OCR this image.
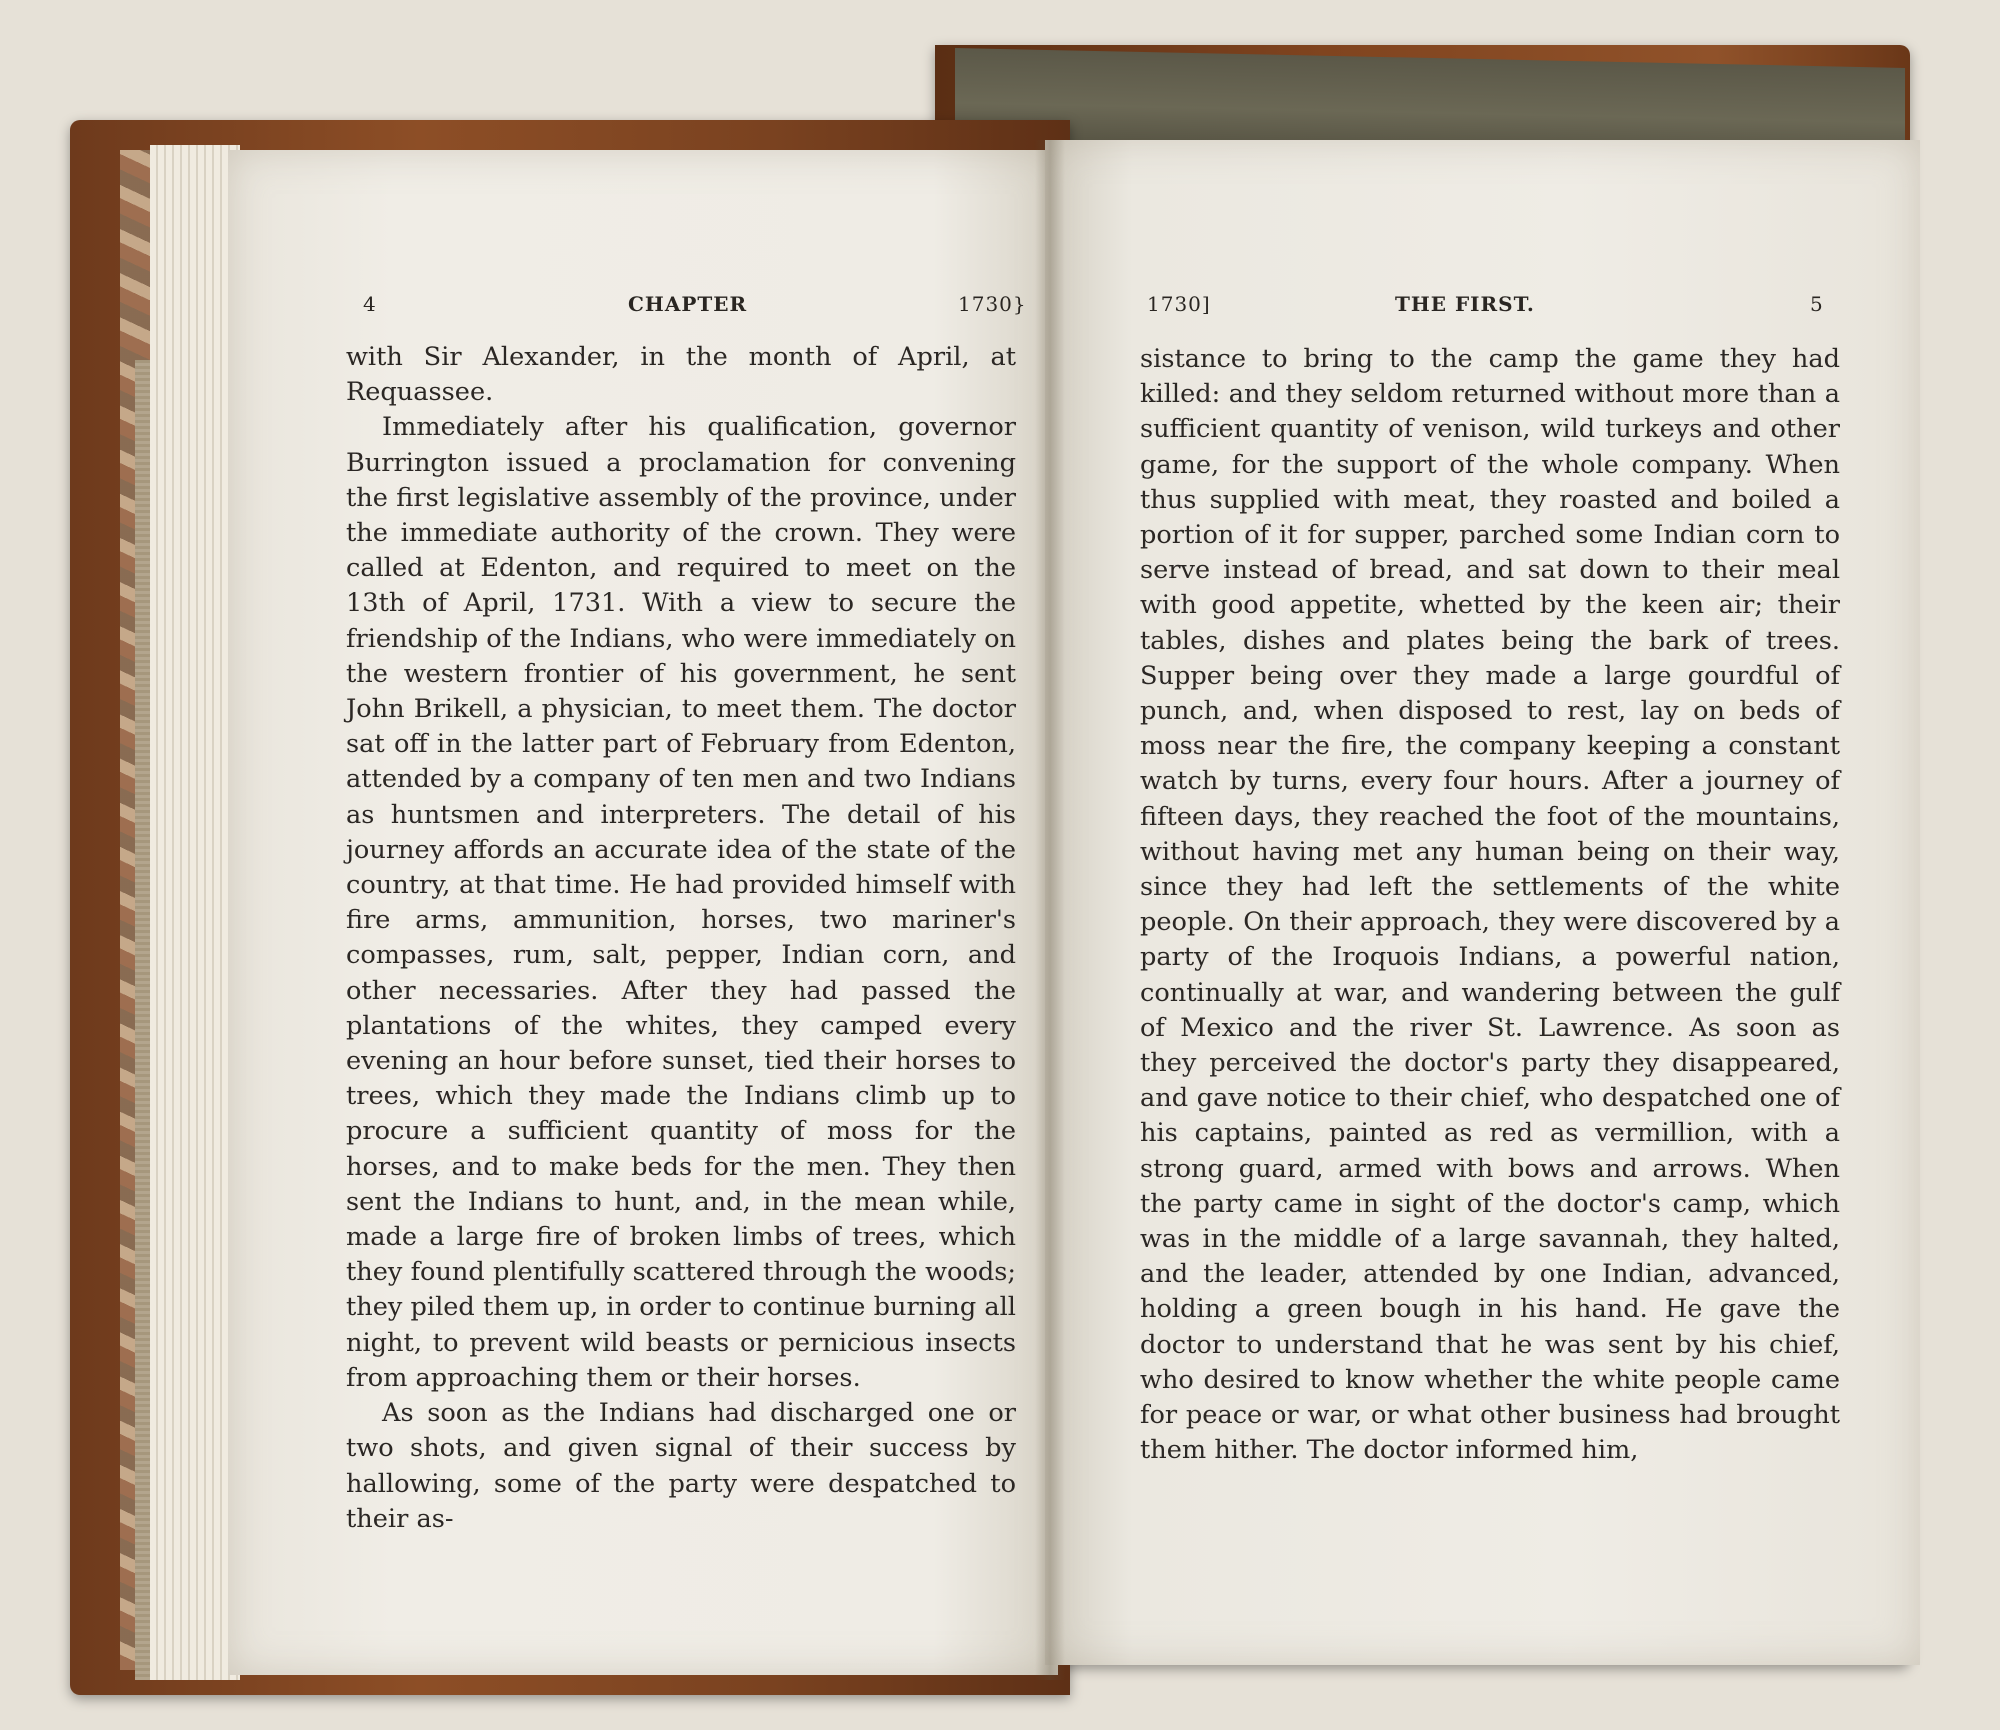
4	CHAPTER	1730}

with Sir Alexander, in the month of April, at Requassee.

Immediately after his qualification, governor Burrington issued a proclamation for convening the first legislative assembly of the province, under the immediate authority of the crown. They were called at Edenton, and required to meet on the 13th of April, 1731. With a view to secure the friendship of the Indians, who were immediately on the western frontier of his government, he sent John Brikell, a physician, to meet them. The doctor sat off in the latter part of February from Edenton, attended by a company of ten men and two Indians as huntsmen and interpreters. The detail of his journey affords an accurate idea of the state of the country, at that time. He had provided himself with fire arms, ammunition, horses, two mariner's compasses, rum, salt, pepper, Indian corn, and other necessaries. After they had passed the plantations of the whites, they camped every evening an hour before sunset, tied their horses to trees, which they made the Indians climb up to procure a sufficient quantity of moss for the horses, and to make beds for the men. They then sent the Indians to hunt, and, in the mean while, made a large fire of broken limbs of trees, which they found plentifully scattered through the woods; they piled them up, in order to continue burning all night, to prevent wild beasts or pernicious insects from approaching them or their horses.

As soon as the Indians had discharged one or two shots, and given signal of their success by hallowing, some of the party were despatched to their as-

1730]	THE FIRST.	5

sistance to bring to the camp the game they had killed: and they seldom returned without more than a sufficient quantity of venison, wild turkeys and other game, for the support of the whole company. When thus supplied with meat, they roasted and boiled a portion of it for supper, parched some Indian corn to serve instead of bread, and sat down to their meal with good appetite, whetted by the keen air; their tables, dishes and plates being the bark of trees. Supper being over they made a large gourdful of punch, and, when disposed to rest, lay on beds of moss near the fire, the company keeping a constant watch by turns, every four hours. After a journey of fifteen days, they reached the foot of the mountains, without having met any human being on their way, since they had left the settlements of the white people. On their approach, they were discovered by a party of the Iroquois Indians, a powerful nation, continually at war, and wandering between the gulf of Mexico and the river St. Lawrence. As soon as they perceived the doctor's party they disappeared, and gave notice to their chief, who despatched one of his captains, painted as red as vermillion, with a strong guard, armed with bows and arrows. When the party came in sight of the doctor's camp, which was in the middle of a large savannah, they halted, and the leader, attended by one Indian, advanced, holding a green bough in his hand. He gave the doctor to understand that he was sent by his chief, who desired to know whether the white people came for peace or war, or what other business had brought them hither. The doctor informed him,
